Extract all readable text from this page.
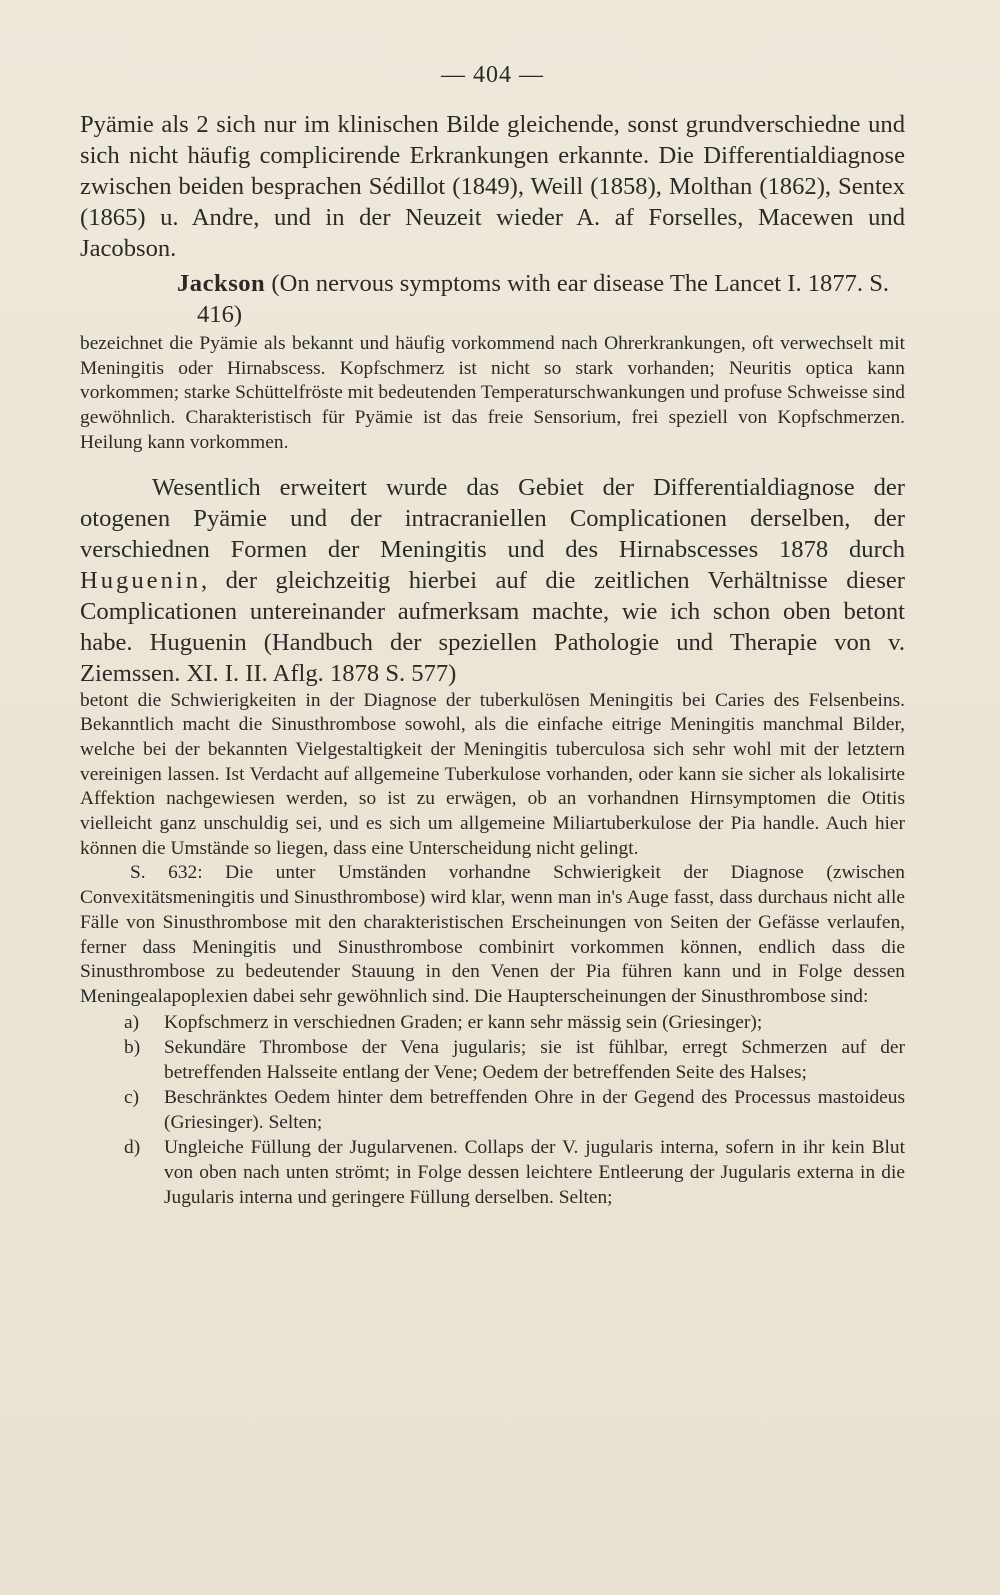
— 404 —

Pyämie als 2 sich nur im klinischen Bilde gleichende, sonst grundverschiedne und sich nicht häufig complicirende Erkrankungen erkannte. Die Differentialdiagnose zwischen beiden besprachen Sédillot (1849), Weill (1858), Molthan (1862), Sentex (1865) u. Andre, und in der Neuzeit wieder A. af Forselles, Macewen und Jacobson.

Jackson (On nervous symptoms with ear disease The Lancet I. 1877. S. 416)

bezeichnet die Pyämie als bekannt und häufig vorkommend nach Ohrerkrankungen, oft verwechselt mit Meningitis oder Hirnabscess. Kopfschmerz ist nicht so stark vorhanden; Neuritis optica kann vorkommen; starke Schüttelfröste mit bedeutenden Temperaturschwankungen und profuse Schweisse sind gewöhnlich. Charakteristisch für Pyämie ist das freie Sensorium, frei speziell von Kopfschmerzen. Heilung kann vorkommen.

Wesentlich erweitert wurde das Gebiet der Differentialdiagnose der otogenen Pyämie und der intracraniellen Complicationen derselben, der verschiednen Formen der Meningitis und des Hirnabscesses 1878 durch Huguenin, der gleichzeitig hierbei auf die zeitlichen Verhältnisse dieser Complicationen untereinander aufmerksam machte, wie ich schon oben betont habe. Huguenin (Handbuch der speziellen Pathologie und Therapie von v. Ziemssen. XI. I. II. Aflg. 1878 S. 577)

betont die Schwierigkeiten in der Diagnose der tuberkulösen Meningitis bei Caries des Felsenbeins. Bekanntlich macht die Sinusthrombose sowohl, als die einfache eitrige Meningitis manchmal Bilder, welche bei der bekannten Vielgestaltigkeit der Meningitis tuberculosa sich sehr wohl mit der letztern vereinigen lassen. Ist Verdacht auf allgemeine Tuberkulose vorhanden, oder kann sie sicher als lokalisirte Affektion nachgewiesen werden, so ist zu erwägen, ob an vorhandnen Hirnsymptomen die Otitis vielleicht ganz unschuldig sei, und es sich um allgemeine Miliartuberkulose der Pia handle. Auch hier können die Umstände so liegen, dass eine Unterscheidung nicht gelingt.

S. 632: Die unter Umständen vorhandne Schwierigkeit der Diagnose (zwischen Convexitätsmeningitis und Sinusthrombose) wird klar, wenn man in's Auge fasst, dass durchaus nicht alle Fälle von Sinusthrombose mit den charakteristischen Erscheinungen von Seiten der Gefässe verlaufen, ferner dass Meningitis und Sinusthrombose combinirt vorkommen können, endlich dass die Sinusthrombose zu bedeutender Stauung in den Venen der Pia führen kann und in Folge dessen Meningealapoplexien dabei sehr gewöhnlich sind. Die Haupterscheinungen der Sinusthrombose sind:

a) Kopfschmerz in verschiednen Graden; er kann sehr mässig sein (Griesinger);
b) Sekundäre Thrombose der Vena jugularis; sie ist fühlbar, erregt Schmerzen auf der betreffenden Halsseite entlang der Vene; Oedem der betreffenden Seite des Halses;
c) Beschränktes Oedem hinter dem betreffenden Ohre in der Gegend des Processus mastoideus (Griesinger). Selten;
d) Ungleiche Füllung der Jugularvenen. Collaps der V. jugularis interna, sofern in ihr kein Blut von oben nach unten strömt; in Folge dessen leichtere Entleerung der Jugularis externa in die Jugularis interna und geringere Füllung derselben. Selten;
